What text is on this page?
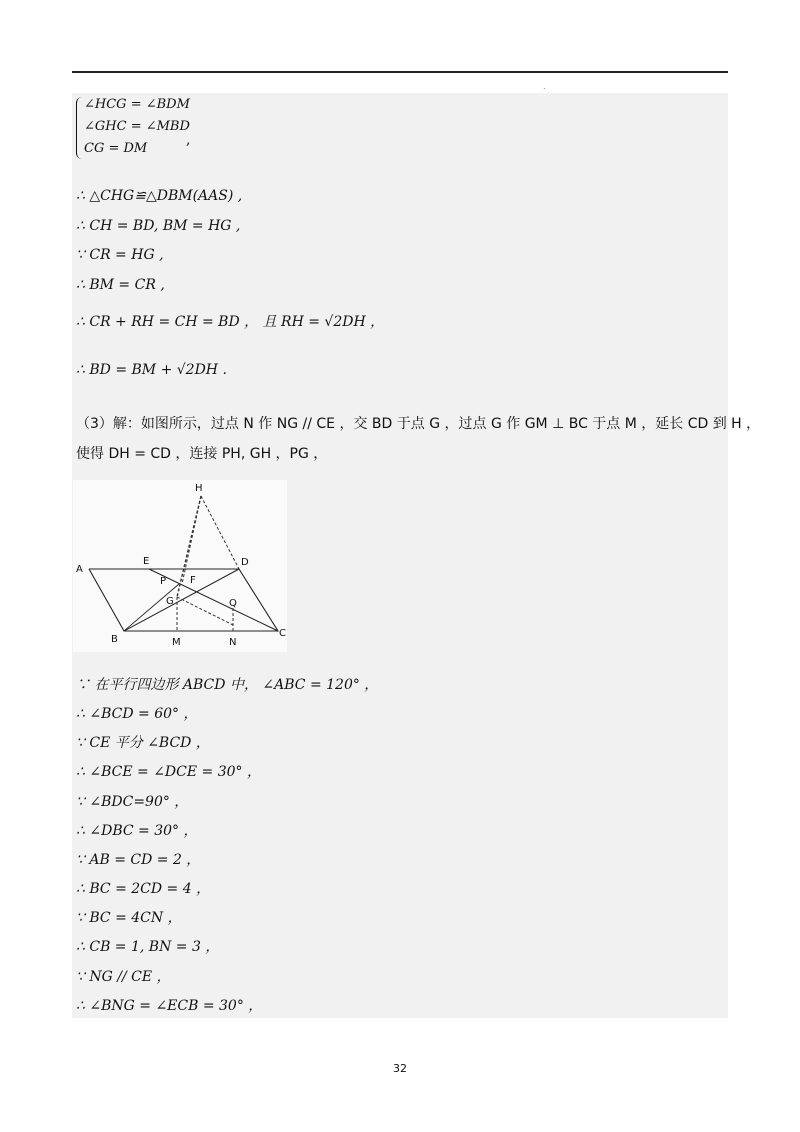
.
∠HCG = ∠BDM
∠GHC = ∠MBD
CG = DM
,
∴ △CHG≌△DBM(AAS) ,
∴ CH = BD, BM = HG ,
∵ CR = HG ,
∴ BM = CR ,
∴ CR + RH = CH = BD ， 且 RH = √2DH ，
∴ BD = BM + √2DH .
（3）解：如图所示，过点 N 作 NG // CE ，交 BD 于点 G ，过点 G 作 GM ⊥ BC 于点 M ，延长 CD 到 H ，
使得 DH = CD ，连接 PH, GH ，PG ，
H
A
E	D
P F
G	Q
B	M	N
C
∵ 在平行四边形 ABCD 中， ∠ABC = 120° ，
∴ ∠BCD = 60° ，
∵ CE 平分 ∠BCD ，
∴ ∠BCE = ∠DCE = 30° ，
∵ ∠BDC=90° ，
∴ ∠DBC = 30° ，
∵ AB = CD = 2 ，
∴ BC = 2CD = 4 ，
∵ BC = 4CN ，
∴ CB = 1, BN = 3 ，
∵ NG // CE ，
∴ ∠BNG = ∠ECB = 30° ，
32
